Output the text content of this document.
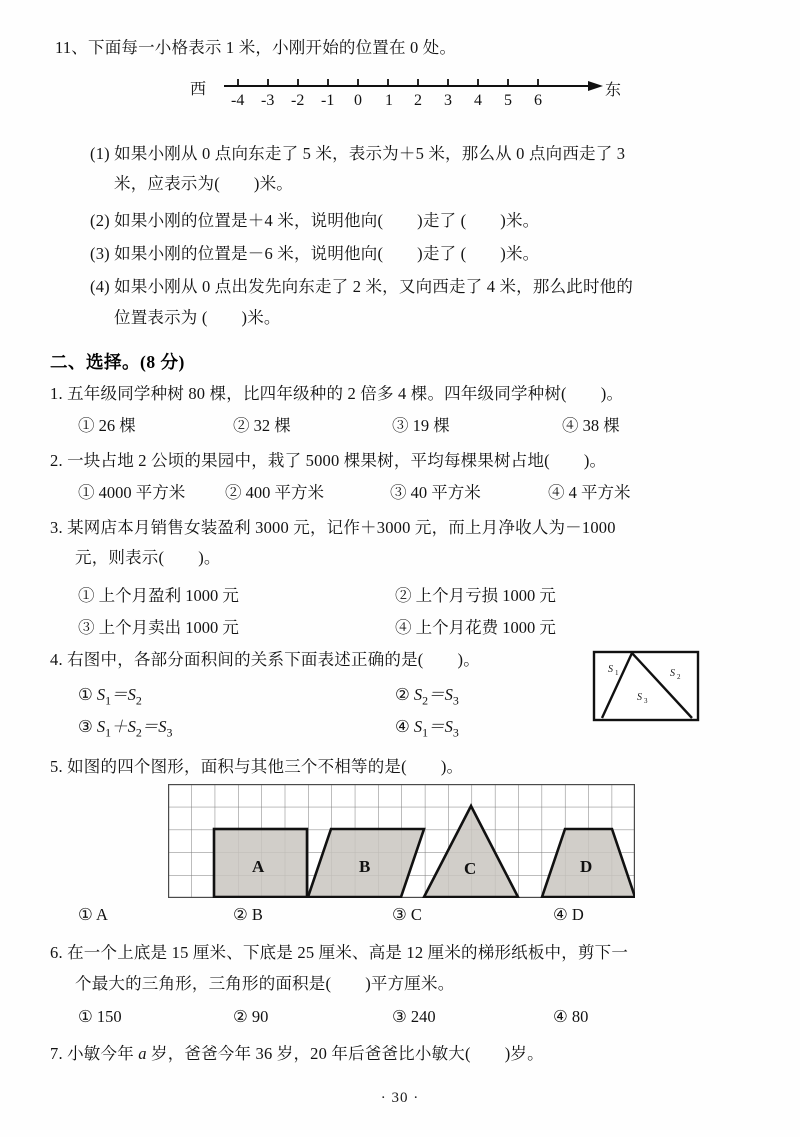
11、下面每一小格表示 1 米，小刚开始的位置在 0 处。
西	东
-4 -3 -2 -1 0 1 2 3 4 5 6
(1) 如果小刚从 0 点向东走了 5 米，表示为＋5 米，那么从 0 点向西走了 3
米，应表示为( )米。
(2) 如果小刚的位置是＋4 米，说明他向( )走了 ( )米。
(3) 如果小刚的位置是－6 米，说明他向( )走了 ( )米。
(4) 如果小刚从 0 点出发先向东走了 2 米，又向西走了 4 米，那么此时他的
位置表示为 ( )米。
二、选择。(8 分)
1. 五年级同学种树 80 棵，比四年级种的 2 倍多 4 棵。四年级同学种树( )。
① 26 棵	② 32 棵	③ 19 棵	④ 38 棵
2. 一块占地 2 公顷的果园中，栽了 5000 棵果树，平均每棵果树占地( )。
① 4000 平方米 ② 400 平方米	③ 40 平方米	④ 4 平方米
3. 某网店本月销售女装盈利 3000 元，记作＋3000 元，而上月净收人为－1000
元，则表示( )。
① 上个月盈利 1000 元	② 上个月亏损 1000 元
③ 上个月卖出 1000 元	④ 上个月花费 1000 元
4. 右图中，各部分面积间的关系下面表述正确的是( )。
① $S_1=S_2$	② $S_2=S_3$
③ $S_1+S_2=S_3$	④ $S_1=S_3$
S 1	S 2
S 3
5. 如图的四个图形，面积与其他三个不相等的是( )。
A	B	C	D
① A	② B	③ C	④ D
6. 在一个上底是 15 厘米、下底是 25 厘米、高是 12 厘米的梯形纸板中，剪下一
个最大的三角形，三角形的面积是( )平方厘米。
① 150	② 90	③ 240	④ 80
7. 小敏今年 a 岁，爸爸今年 36 岁，20 年后爸爸比小敏大( )岁。
· 30 ·
